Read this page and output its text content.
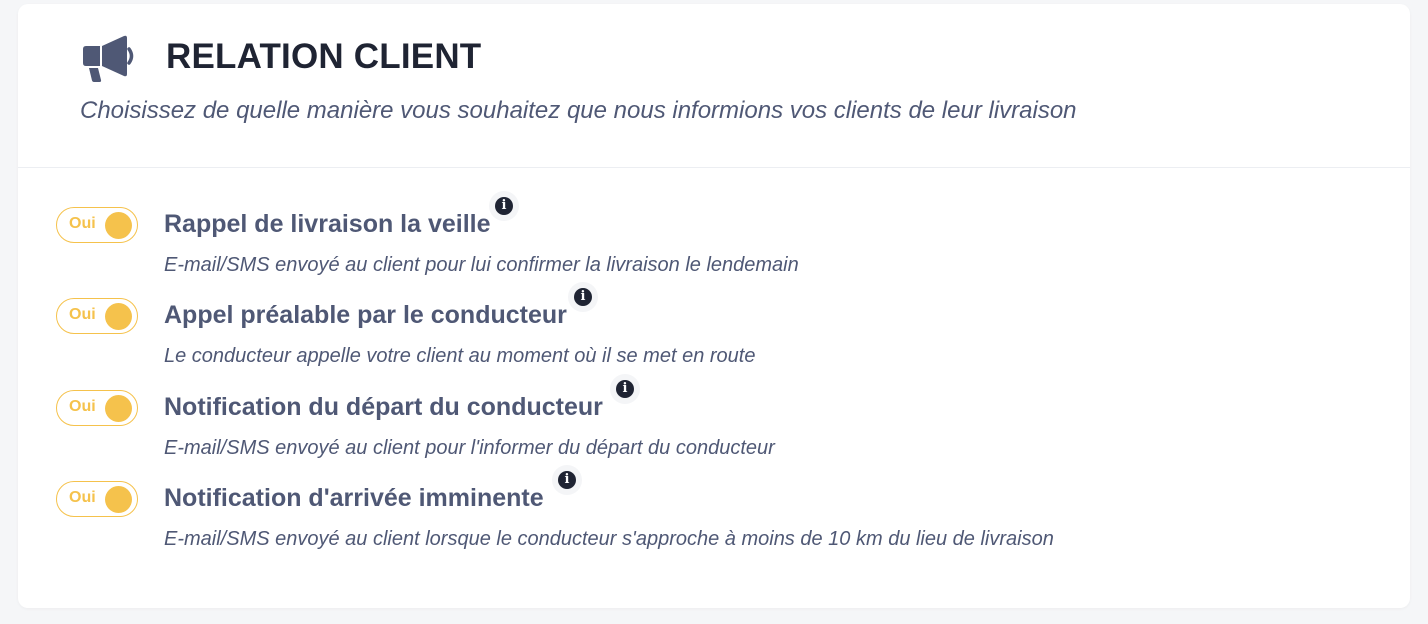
RELATION CLIENT
Choisissez de quelle manière vous souhaitez que nous informions vos clients de leur livraison
Oui	Rappel de livraison la veille
i
E-mail/SMS envoyé au client pour lui confirmer la livraison le lendemain
Oui	Appel préalable par le conducteur
i
Le conducteur appelle votre client au moment où il se met en route
Oui	Notification du départ du conducteur
i
E-mail/SMS envoyé au client pour l'informer du départ du conducteur
Oui	Notification d'arrivée imminente
i
E-mail/SMS envoyé au client lorsque le conducteur s'approche à moins de 10 km du lieu de livraison
